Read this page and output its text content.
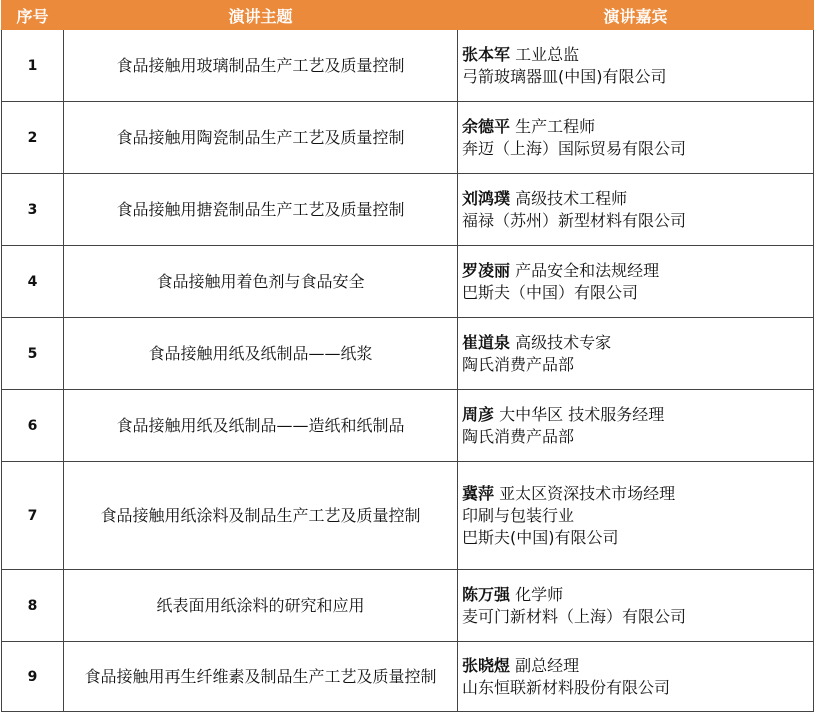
序号	演讲主题	演讲嘉宾
1	食品接触用玻璃制品生产工艺及质量控制	张本军 工业总监
弓箭玻璃器皿(中国)有限公司

2	食品接触用陶瓷制品生产工艺及质量控制	余德平 生产工程师
奔迈（上海）国际贸易有限公司

3	食品接触用搪瓷制品生产工艺及质量控制	刘鸿璞 高级技术工程师
福禄（苏州）新型材料有限公司

4	食品接触用着色剂与食品安全	罗凌丽 产品安全和法规经理
巴斯夫（中国）有限公司

5	食品接触用纸及纸制品——纸浆	崔道泉 高级技术专家
陶氏消费产品部

6	食品接触用纸及纸制品——造纸和纸制品	周彦 大中华区 技术服务经理
陶氏消费产品部

7	食品接触用纸涂料及制品生产工艺及质量控制	冀萍 亚太区资深技术市场经理
印刷与包装行业
巴斯夫(中国)有限公司

8	纸表面用纸涂料的研究和应用	陈万强 化学师
麦可门新材料（上海）有限公司

9	食品接触用再生纤维素及制品生产工艺及质量控制	张晓煜 副总经理
山东恒联新材料股份有限公司
